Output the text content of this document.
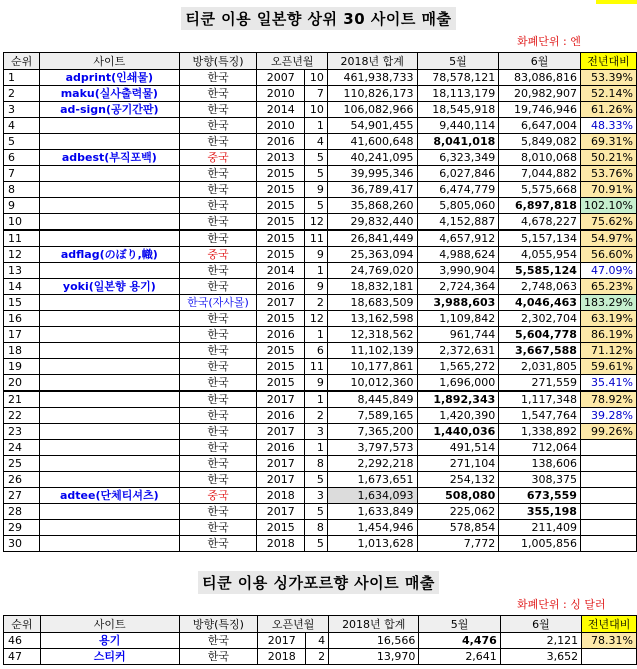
티쿤 이용 일본향 상위 30 사이트 매출
화폐단위 : 엔
순위	사이트	방향(특징)	오픈년월		2018년 합계	5월	6월	전년대비
1	adprint(인쇄물)	한국	2007	10	461,938,733	78,578,121	83,086,816	53.39%
2	maku(실사출력물)	한국	2010	7	110,826,173	18,113,179	20,982,907	52.14%
3	ad-sign(공기간판)	한국	2014	10	106,082,966	18,545,918	19,746,946	61.26%
4		한국	2010	1	54,901,455	9,440,114	6,647,004	48.33%
5		한국	2016	4	41,600,648	8,041,018	5,849,082	69.31%
6	adbest(부직포백)	중국	2013	5	40,241,095	6,323,349	8,010,068	50.21%
7		한국	2015	5	39,995,346	6,027,846	7,044,882	53.76%
8		한국	2015	9	36,789,417	6,474,779	5,575,668	70.91%
9		한국	2015	5	35,868,260	5,805,060	6,897,818	102.10%
10		한국	2015	12	29,832,440	4,152,887	4,678,227	75.62%
11		한국	2015	11	26,841,449	4,657,912	5,157,134	54.97%
12	adflag(のぼり,幟)	중국	2015	9	25,363,094	4,988,624	4,055,954	56.60%
13		한국	2014	1	24,769,020	3,990,904	5,585,124	47.09%
14	yoki(일본향 용기)	한국	2016	9	18,832,181	2,724,364	2,748,063	65.23%
15		한국(자사몰)	2017	2	18,683,509	3,988,603	4,046,463	183.29%
16		한국	2015	12	13,162,598	1,109,842	2,302,704	63.19%
17		한국	2016	1	12,318,562	961,744	5,604,778	86.19%
18		한국	2015	6	11,102,139	2,372,631	3,667,588	71.12%
19		한국	2015	11	10,177,861	1,565,272	2,031,805	59.61%
20		한국	2015	9	10,012,360	1,696,000	271,559	35.41%
21		한국	2017	1	8,445,849	1,892,343	1,117,348	78.92%
22		한국	2016	2	7,589,165	1,420,390	1,547,764	39.28%
23		한국	2017	3	7,365,200	1,440,036	1,338,892	99.26%
24		한국	2016	1	3,797,573	491,514	712,064	
25		한국	2017	8	2,292,218	271,104	138,606	
26		한국	2017	5	1,673,651	254,132	308,375	
27	adtee(단체티셔츠)	중국	2018	3	1,634,093	508,080	673,559	
28		한국	2017	5	1,633,849	225,062	355,198	
29		한국	2015	8	1,454,946	578,854	211,409	
30		한국	2018	5	1,013,628	7,772	1,005,856	
티쿤 이용 싱가포르향 사이트 매출
화폐단위 : 싱 달러
순위	사이트	방향(특징)	오픈년월		2018년 합계	5월	6월	전년대비
46	용기	한국	2017	4	16,566	4,476	2,121	78.31%
47	스티커	한국	2018	2	13,970	2,641	3,652	
